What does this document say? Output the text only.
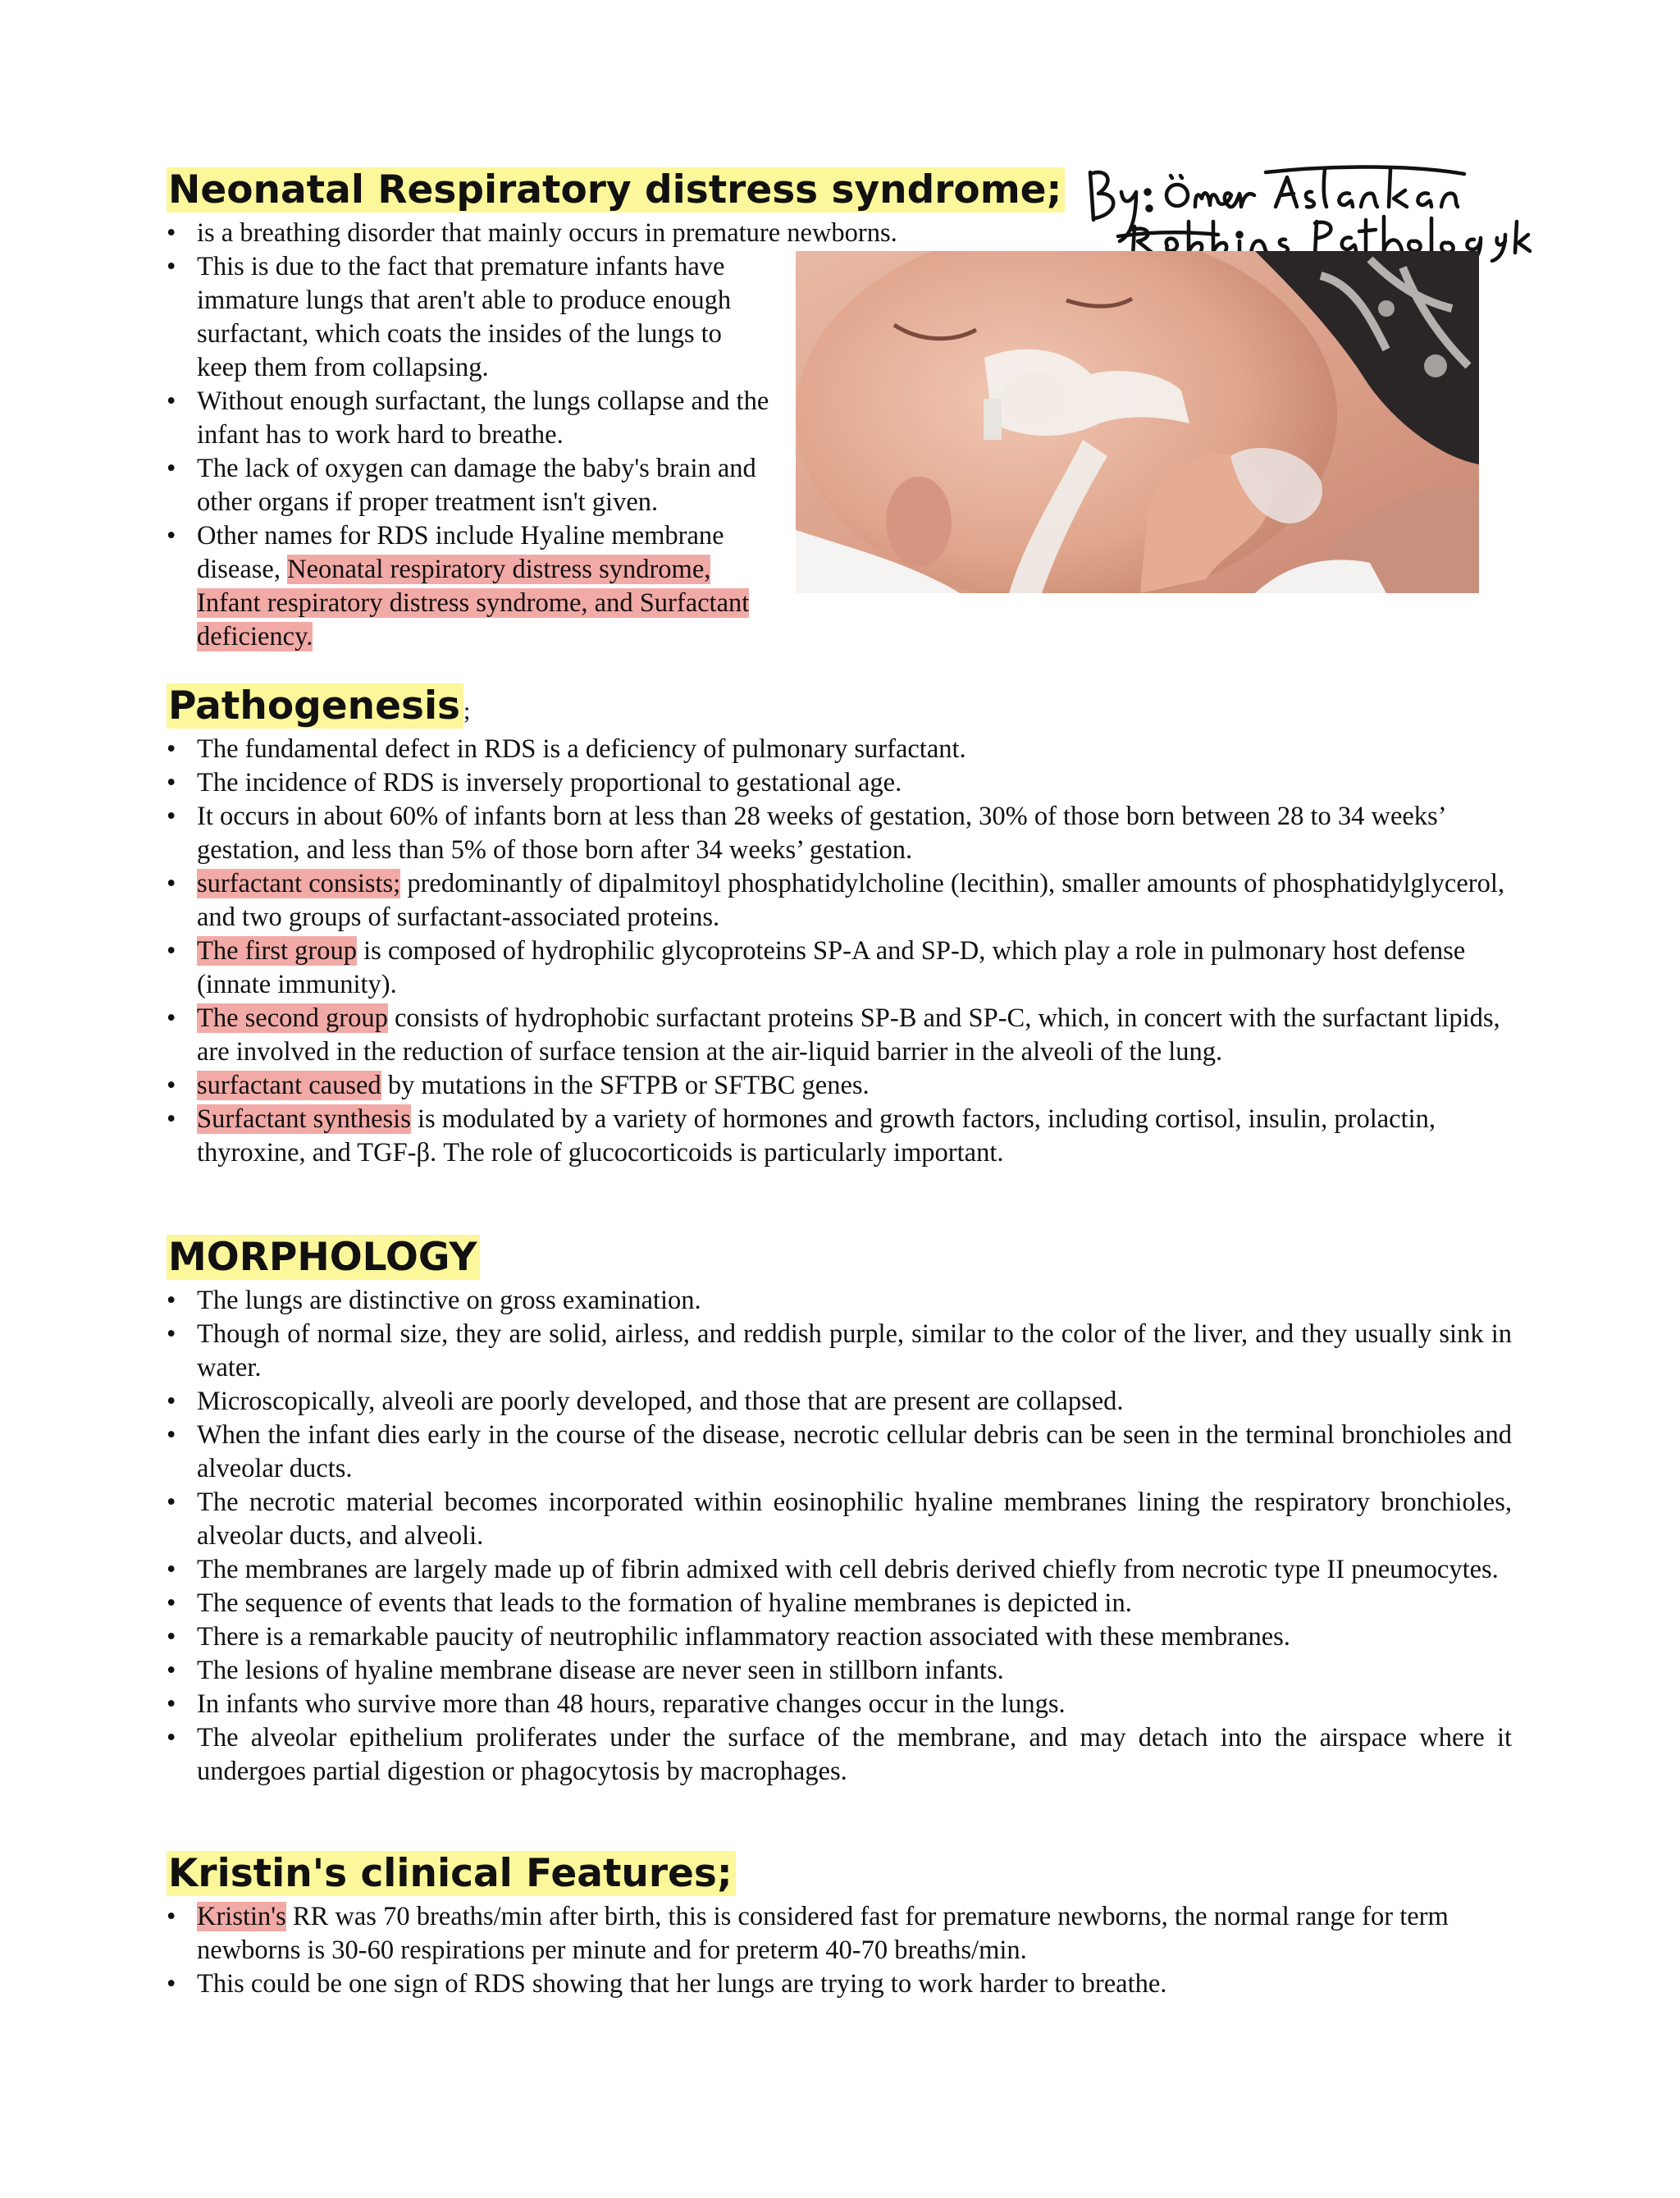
Neonatal Respiratory distress syndrome;
• is a breathing disorder that mainly occurs in premature newborns.
• This is due to the fact that premature infants have immature lungs that aren't able to produce enough surfactant, which coats the insides of the lungs to keep them from collapsing.
• Without enough surfactant, the lungs collapse and the infant has to work hard to breathe.
• The lack of oxygen can damage the baby's brain and other organs if proper treatment isn't given.
• Other names for RDS include Hyaline membrane disease, Neonatal respiratory distress syndrome, Infant respiratory distress syndrome, and Surfactant deficiency.
Pathogenesis ;
• The fundamental defect in RDS is a deficiency of pulmonary surfactant.
• The incidence of RDS is inversely proportional to gestational age.
• It occurs in about 60% of infants born at less than 28 weeks of gestation, 30% of those born between 28 to 34 weeks’ gestation, and less than 5% of those born after 34 weeks’ gestation.
• surfactant consists; predominantly of dipalmitoyl phosphatidylcholine (lecithin), smaller amounts of phosphatidylglycerol, and two groups of surfactant-associated proteins.
• The first group is composed of hydrophilic glycoproteins SP-A and SP-D, which play a role in pulmonary host defense (innate immunity).
• The second group consists of hydrophobic surfactant proteins SP-B and SP-C, which, in concert with the surfactant lipids, are involved in the reduction of surface tension at the air-liquid barrier in the alveoli of the lung.
• surfactant caused by mutations in the SFTPB or SFTBC genes.
• Surfactant synthesis is modulated by a variety of hormones and growth factors, including cortisol, insulin, prolactin, thyroxine, and TGF-β. The role of glucocorticoids is particularly important.
MORPHOLOGY
• The lungs are distinctive on gross examination.
• Though of normal size, they are solid, airless, and reddish purple, similar to the color of the liver, and they usually sink in water.
• Microscopically, alveoli are poorly developed, and those that are present are collapsed.
• When the infant dies early in the course of the disease, necrotic cellular debris can be seen in the terminal bronchioles and alveolar ducts.
• The necrotic material becomes incorporated within eosinophilic hyaline membranes lining the respiratory bronchioles, alveolar ducts, and alveoli.
• The membranes are largely made up of fibrin admixed with cell debris derived chiefly from necrotic type II pneumocytes.
• The sequence of events that leads to the formation of hyaline membranes is depicted in.
• There is a remarkable paucity of neutrophilic inflammatory reaction associated with these membranes.
• The lesions of hyaline membrane disease are never seen in stillborn infants.
• In infants who survive more than 48 hours, reparative changes occur in the lungs.
• The alveolar epithelium proliferates under the surface of the membrane, and may detach into the airspace where it undergoes partial digestion or phagocytosis by macrophages.
Kristin's clinical Features;
• Kristin's RR was 70 breaths/min after birth, this is considered fast for premature newborns, the normal range for term newborns is 30-60 respirations per minute and for preterm 40-70 breaths/min.
• This could be one sign of RDS showing that her lungs are trying to work harder to breathe.
